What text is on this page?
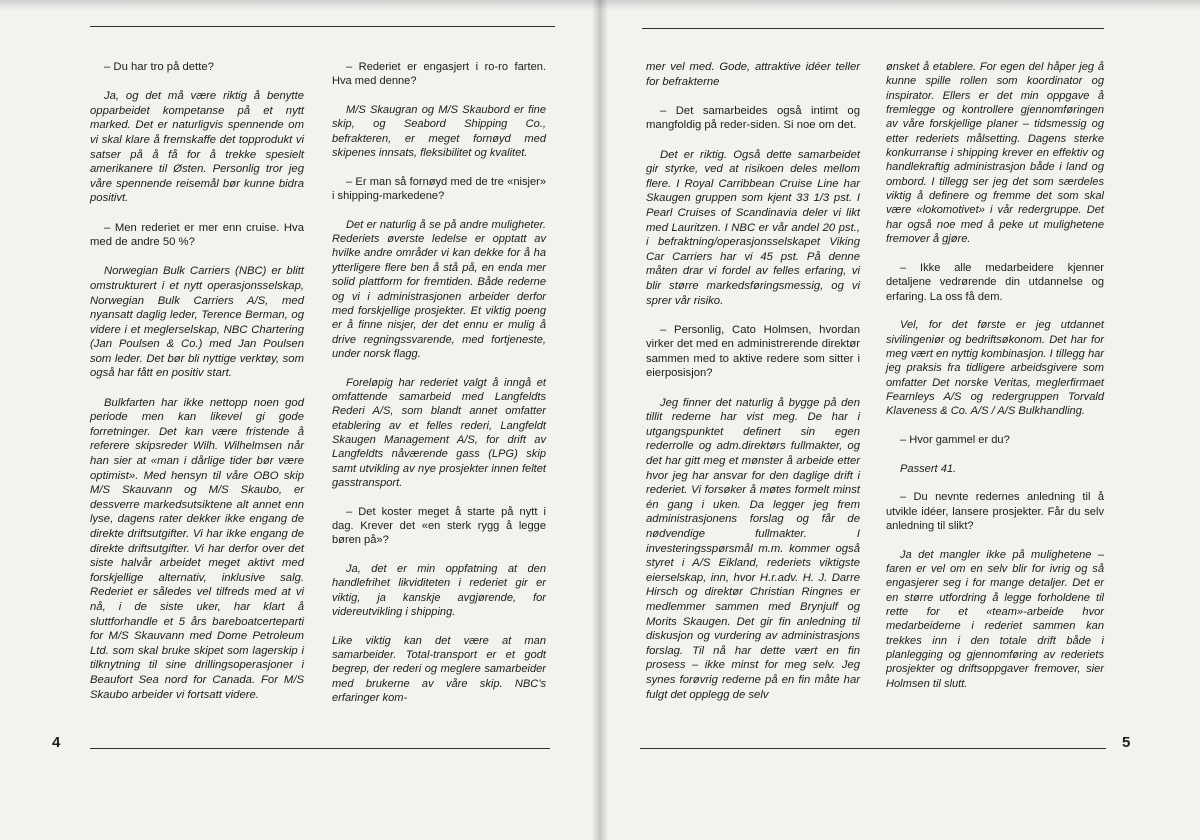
– Du har tro på dette?

Ja, og det må være riktig å benytte opparbeidet kompetanse på et nytt marked. Det er naturligvis spennende om vi skal klare å fremskaffe det topprodukt vi satser på å få for å trekke spesielt amerikanere til Østen. Personlig tror jeg våre spennende reisemål bør kunne bidra positivt.

– Men rederiet er mer enn cruise. Hva med de andre 50 %?

Norwegian Bulk Carriers (NBC) er blitt omstrukturert i et nytt operasjonsselskap, Norwegian Bulk Carriers A/S, med nyansatt daglig leder, Terence Berman, og videre i et meglerselskap, NBC Chartering (Jan Poulsen & Co.) med Jan Poulsen som leder. Det bør bli nyttige verktøy, som også har fått en positiv start.

Bulkfarten har ikke nettopp noen god periode men kan likevel gi gode forretninger. Det kan være fristende å referere skipsreder Wilh. Wilhelmsen når han sier at «man i dårlige tider bør være optimist». Med hensyn til våre OBO skip M/S Skauvann og M/S Skaubo, er dessverre markedsutsiktene alt annet enn lyse, dagens rater dekker ikke engang de direkte driftsutgifter. Vi har ikke engang de direkte driftsutgifter. Vi har derfor over det siste halvår arbeidet meget aktivt med forskjellige alternativ, inklusive salg. Rederiet er således vel tilfreds med at vi nå, i de siste uker, har klart å sluttforhandle et 5 års bareboatcerteparti for M/S Skauvann med Dome Petroleum Ltd. som skal bruke skipet som lagerskip i tilknytning til sine drillingsoperasjoner i Beaufort Sea nord for Canada. For M/S Skaubo arbeider vi fortsatt videre.

– Rederiet er engasjert i ro-ro farten. Hva med denne?

M/S Skaugran og M/S Skaubord er fine skip, og Seabord Shipping Co., befrakteren, er meget fornøyd med skipenes innsats, fleksibilitet og kvalitet.

– Er man så fornøyd med de tre «nisjer» i shipping-markedene?

Det er naturlig å se på andre muligheter. Rederiets øverste ledelse er opptatt av hvilke andre områder vi kan dekke for å ha ytterligere flere ben å stå på, en enda mer solid plattform for fremtiden. Både rederne og vi i administrasjonen arbeider derfor med forskjellige prosjekter. Et viktig poeng er å finne nisjer, der det ennu er mulig å drive regningssvarende, med fortjeneste, under norsk flagg.

Foreløpig har rederiet valgt å inngå et omfattende samarbeid med Langfeldts Rederi A/S, som blandt annet omfatter etablering av et felles rederi, Langfeldt Skaugen Management A/S, for drift av Langfeldts nåværende gass (LPG) skip samt utvikling av nye prosjekter innen feltet gasstransport.

– Det koster meget å starte på nytt i dag. Krever det «en sterk rygg å legge børen på»?

Ja, det er min oppfatning at den handlefrihet likviditeten i rederiet gir er viktig, ja kanskje avgjørende, for videreutvikling i shipping.

Like viktig kan det være at man samarbeider. Total-transport er et godt begrep, der rederi og meglere samarbeider med brukerne av våre skip. NBC's erfaringer kom-

4

mer vel med. Gode, attraktive idéer teller for befrakterne

– Det samarbeides også intimt og mangfoldig på reder-siden. Si noe om det.

Det er riktig. Også dette samarbeidet gir styrke, ved at risikoen deles mellom flere. I Royal Carribbean Cruise Line har Skaugen gruppen som kjent 33 1/3 pst. I Pearl Cruises of Scandinavia deler vi likt med Lauritzen. I NBC er vår andel 20 pst., i befraktning/operasjonsselskapet Viking Car Carriers har vi 45 pst. På denne måten drar vi fordel av felles erfaring, vi blir større markedsføringsmessig, og vi sprer vår risiko.

– Personlig, Cato Holmsen, hvordan virker det med en administrerende direktør sammen med to aktive redere som sitter i eierposisjon?

Jeg finner det naturlig å bygge på den tillit rederne har vist meg. De har i utgangspunktet definert sin egen rederrolle og adm.direktørs fullmakter, og det har gitt meg et mønster å arbeide etter hvor jeg har ansvar for den daglige drift i rederiet. Vi forsøker å møtes formelt minst én gang i uken. Da legger jeg frem administrasjonens forslag og får de nødvendige fullmakter. I investeringsspørsmål m.m. kommer også styret i A/S Eikland, rederiets viktigste eierselskap, inn, hvor H.r.adv. H. J. Darre Hirsch og direktør Christian Ringnes er medlemmer sammen med Brynjulf og Morits Skaugen. Det gir fin anledning til diskusjon og vurdering av administrasjons forslag. Til nå har dette vært en fin prosess – ikke minst for meg selv. Jeg synes forøvrig rederne på en fin måte har fulgt det opplegg de selv

ønsket å etablere. For egen del håper jeg å kunne spille rollen som koordinator og inspirator. Ellers er det min oppgave å fremlegge og kontrollere gjennomføringen av våre forskjellige planer – tidsmessig og etter rederiets målsetting. Dagens sterke konkurranse i shipping krever en effektiv og handlekraftig administrasjon både i land og ombord. I tillegg ser jeg det som særdeles viktig å definere og fremme det som skal være «lokomotivet» i vår redergruppe. Det har også noe med å peke ut mulighetene fremover å gjøre.

– Ikke alle medarbeidere kjenner detaljene vedrørende din utdannelse og erfaring. La oss få dem.

Vel, for det første er jeg utdannet sivilingeniør og bedriftsøkonom. Det har for meg vært en nyttig kombinasjon. I tillegg har jeg praksis fra tidligere arbeidsgivere som omfatter Det norske Veritas, meglerfirmaet Fearnleys A/S og redergruppen Torvald Klaveness & Co. A/S / A/S Bulkhandling.

– Hvor gammel er du?

Passert 41.

– Du nevnte redernes anledning til å utvikle idéer, lansere prosjekter. Får du selv anledning til slikt?

Ja det mangler ikke på mulighetene – faren er vel om en selv blir for ivrig og så engasjerer seg i for mange detaljer. Det er en større utfordring å legge forholdene til rette for et «team»-arbeide hvor medarbeiderne i rederiet sammen kan trekkes inn i den totale drift både i planlegging og gjennomføring av rederiets prosjekter og driftsoppgaver fremover, sier Holmsen til slutt.

5
